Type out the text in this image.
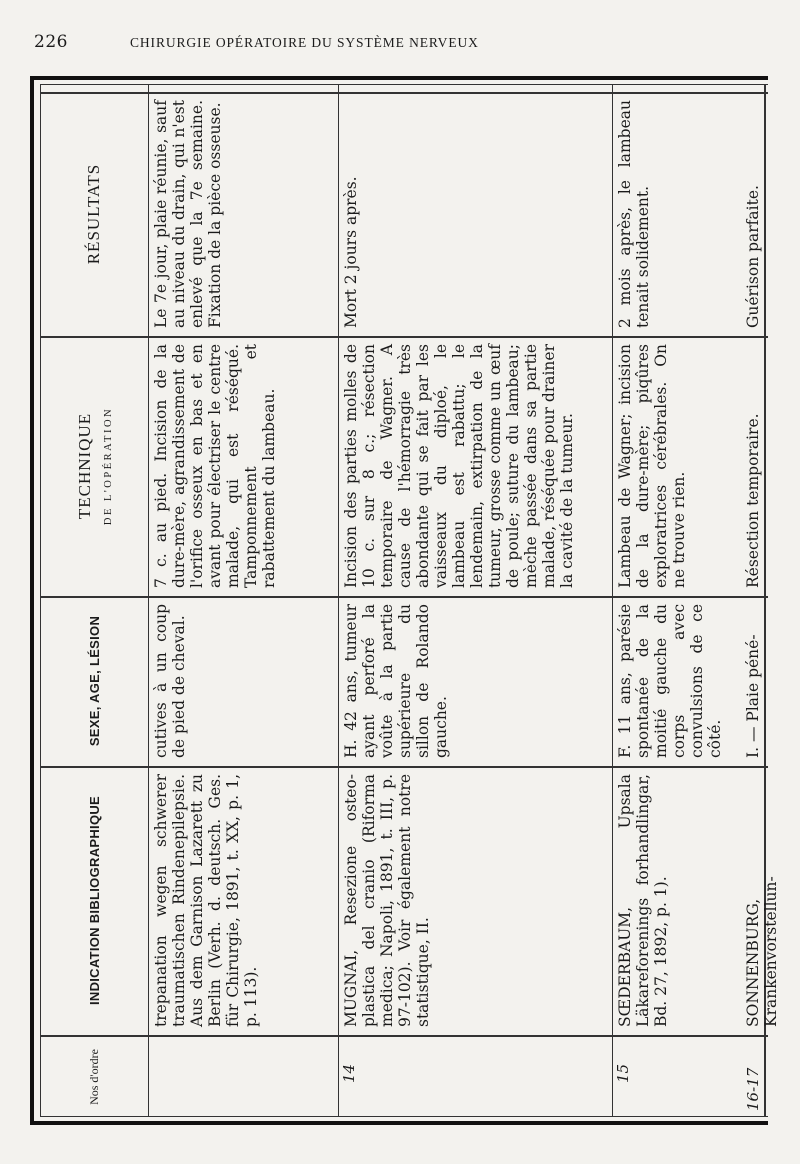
226	CHIRURGIE OPÉRATOIRE DU SYSTÈME NERVEUX
Nos d'ordre
INDICATION BIBLIOGRAPHIQUE
SEXE, AGE, LÉSION
TECHNIQUE DE L'OPÉRATION
RÉSULTATS
trepanation wegen schwerer traumatischen Rindenepilepsie. Aus dem Garnison Lazarett zu Berlin (Verh. d. deutsch. Ges. für Chirurgie, 1891, t. XX, p. 1, p. 113).
cutives à un coup de pied de cheval.
7 c. au pied. Incision de la dure-mère, agrandissement de l'orifice osseux en bas et en avant pour électriser le centre malade, qui est réséqué. Tamponnement et rabattement du lambeau.
Le 7e jour, plaie réunie, sauf au niveau du drain, qui n'est enlevé que la 7e semaine. Fixation de la pièce osseuse.
14
MUGNAI, Resezione osteo-plastica del cranio (Riforma medica; Napoli, 1891, t. III, p. 97-102). Voir également notre statistique, II.
H. 42 ans, tumeur ayant perforé la voûte à la partie supérieure du sillon de Rolando gauche.
Incision des parties molles de 10 c. sur 8 c.; résection temporaire de Wagner. A cause de l'hémorragie très abondante qui se fait par les vaisseaux du diploé, le lambeau est rabattu; le lendemain, extirpation de la tumeur, grosse comme un œuf de poule; suture du lambeau; mèche passée dans sa partie malade, réséquée pour drainer la cavité de la tumeur.
Mort 2 jours après.
15
SŒDERBAUM, Upsala Läkareforenings forhandlingar, Bd. 27, 1892, p. 1).
F. 11 ans, parésie spontanée de la moitié gauche du corps avec convulsions de ce côté.
Lambeau de Wagner; incision de la dure-mère; piqûres exploratrices cérébrales. On ne trouve rien.
2 mois après, le lambeau tenait solidement.
16-17
SONNENBURG, Krankenvorstellun-
I. — Plaie péné-
Résection temporaire.
Guérison parfaite.
